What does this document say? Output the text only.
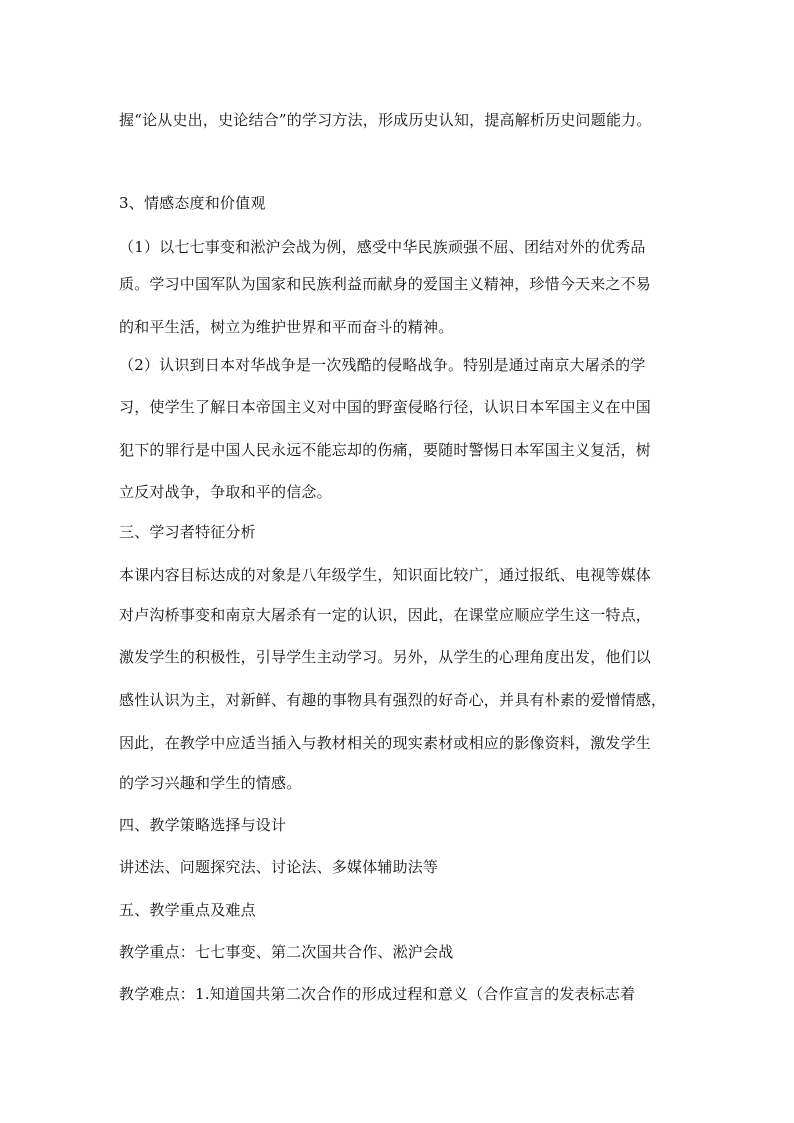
握“论从史出，史论结合”的学习方法，形成历史认知，提高解析历史问题能力。
3、情感态度和价值观
（1）以七七事变和淞沪会战为例，感受中华民族顽强不屈、团结对外的优秀品
质。学习中国军队为国家和民族利益而献身的爱国主义精神，珍惜今天来之不易
的和平生活，树立为维护世界和平而奋斗的精神。
（2）认识到日本对华战争是一次残酷的侵略战争。特别是通过南京大屠杀的学
习，使学生了解日本帝国主义对中国的野蛮侵略行径，认识日本军国主义在中国
犯下的罪行是中国人民永远不能忘却的伤痛，要随时警惕日本军国主义复活，树
立反对战争，争取和平的信念。
三、学习者特征分析
本课内容目标达成的对象是八年级学生，知识面比较广，通过报纸、电视等媒体
对卢沟桥事变和南京大屠杀有一定的认识，因此，在课堂应顺应学生这一特点，
激发学生的积极性，引导学生主动学习。另外，从学生的心理角度出发，他们以
感性认识为主，对新鲜、有趣的事物具有强烈的好奇心，并具有朴素的爱憎情感，
因此，在教学中应适当插入与教材相关的现实素材或相应的影像资料，激发学生
的学习兴趣和学生的情感。
四、教学策略选择与设计
讲述法、问题探究法、讨论法、多媒体辅助法等
五、教学重点及难点
教学重点：七七事变、第二次国共合作、淞沪会战
教学难点：1.知道国共第二次合作的形成过程和意义（合作宣言的发表标志着
